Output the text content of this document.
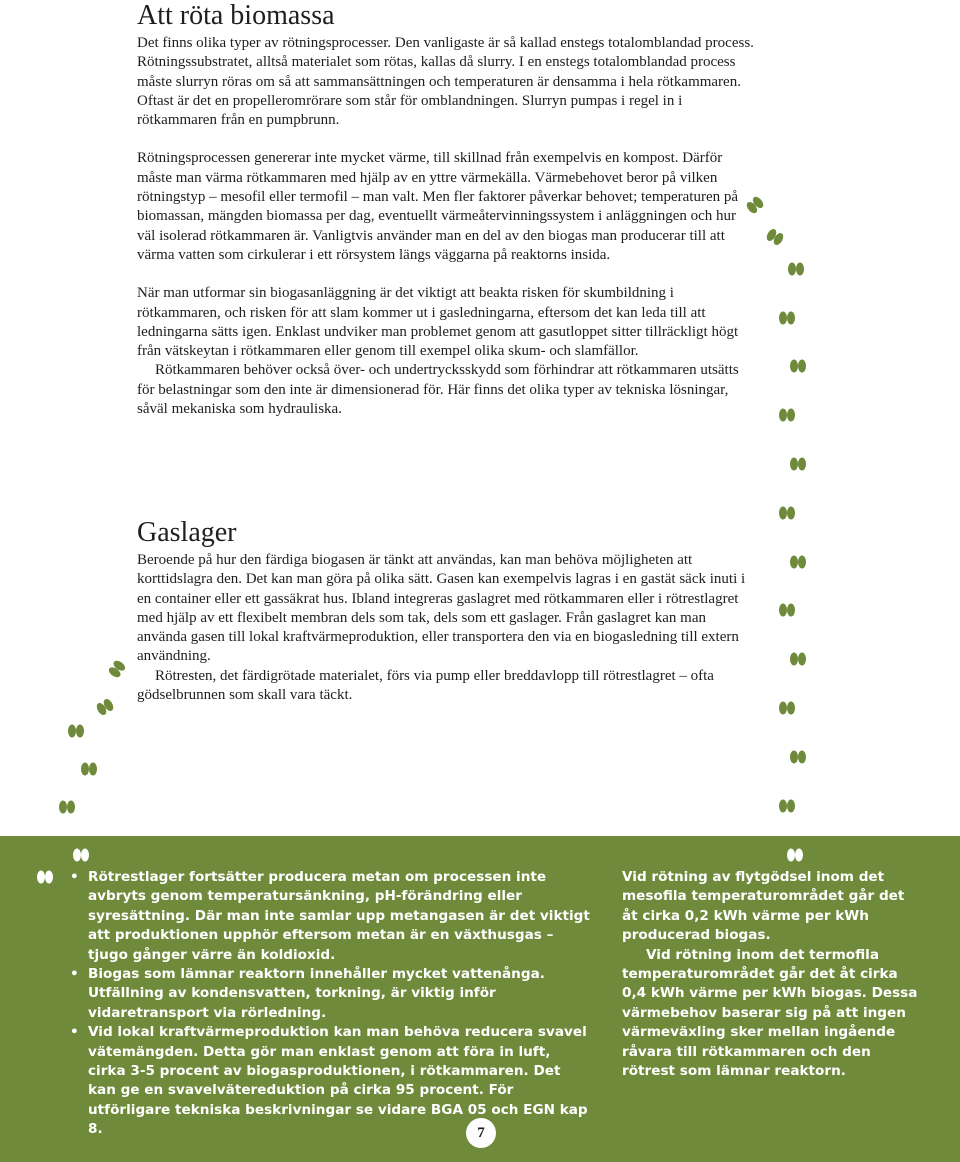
Att röta biomassa

Det finns olika typer av rötningsprocesser. Den vanligaste är så kallad enstegs totalomblandad process. Rötningssubstratet, alltså materialet som rötas, kallas då slurry. I en enstegs totalomblandad process måste slurryn röras om så att sammansättningen och temperaturen är densamma i hela rötkammaren. Oftast är det en propelleromrörare som står för omblandningen. Slurryn pumpas i regel in i rötkammaren från en pumpbrunn.

Rötningsprocessen genererar inte mycket värme, till skillnad från exempelvis en kompost. Därför måste man värma rötkammaren med hjälp av en yttre värmekälla. Värmebehovet beror på vilken rötningstyp – mesofil eller termofil – man valt. Men fler faktorer påverkar behovet; temperaturen på biomassan, mängden biomassa per dag, eventuellt värmeåtervinningssystem i anläggningen och hur väl isolerad rötkammaren är. Vanligtvis använder man en del av den biogas man producerar till att värma vatten som cirkulerar i ett rörsystem längs väggarna på reaktorns insida.

När man utformar sin biogasanläggning är det viktigt att beakta risken för skumbildning i rötkammaren, och risken för att slam kommer ut i gasledningarna, eftersom det kan leda till att ledningarna sätts igen. Enklast undviker man problemet genom att gasutloppet sitter tillräckligt högt från vätskeytan i rötkammaren eller genom till exempel olika skum- och slamfällor.

Rötkammaren behöver också över- och undertrycksskydd som förhindrar att rötkammaren utsätts för belastningar som den inte är dimensionerad för. Här finns det olika typer av tekniska lösningar, såväl mekaniska som hydrauliska.

Gaslager

Beroende på hur den färdiga biogasen är tänkt att användas, kan man behöva möjligheten att korttidslagra den. Det kan man göra på olika sätt. Gasen kan exempelvis lagras i en gastät säck inuti i en container eller ett gassäkrat hus. Ibland integreras gaslagret med rötkammaren eller i rötrestlagret med hjälp av ett flexibelt membran dels som tak, dels som ett gaslager. Från gaslagret kan man använda gasen till lokal kraftvärmeproduktion, eller transportera den via en biogasledning till extern användning.

Rötresten, det färdigrötade materialet, förs via pump eller breddavlopp till rötrestlagret – ofta gödselbrunnen som skall vara täckt.

• Rötrestlager fortsätter producera metan om processen inte avbryts genom temperatursänkning, pH-förändring eller syresättning. Där man inte samlar upp metangasen är det viktigt att produktionen upphör eftersom metan är en växthusgas – tjugo gånger värre än koldioxid.
• Biogas som lämnar reaktorn innehåller mycket vattenånga. Utfällning av kondensvatten, torkning, är viktig inför vidaretransport via rörledning.
• Vid lokal kraftvärmeproduktion kan man behöva reducera svavel vätemängden. Detta gör man enklast genom att föra in luft, cirka 3-5 procent av biogasproduktionen, i rötkammaren. Det kan ge en svavelvätereduktion på cirka 95 procent. För utförligare tekniska beskrivningar se vidare BGA 05 och EGN kap 8.

Vid rötning av flytgödsel inom det mesofila temperaturområdet går det åt cirka 0,2 kWh värme per kWh producerad biogas.

Vid rötning inom det termofila temperaturområdet går det åt cirka 0,4 kWh värme per kWh biogas. Dessa värmebehov baserar sig på att ingen värmeväxling sker mellan ingående råvara till rötkammaren och den rötrest som lämnar reaktorn.

7
